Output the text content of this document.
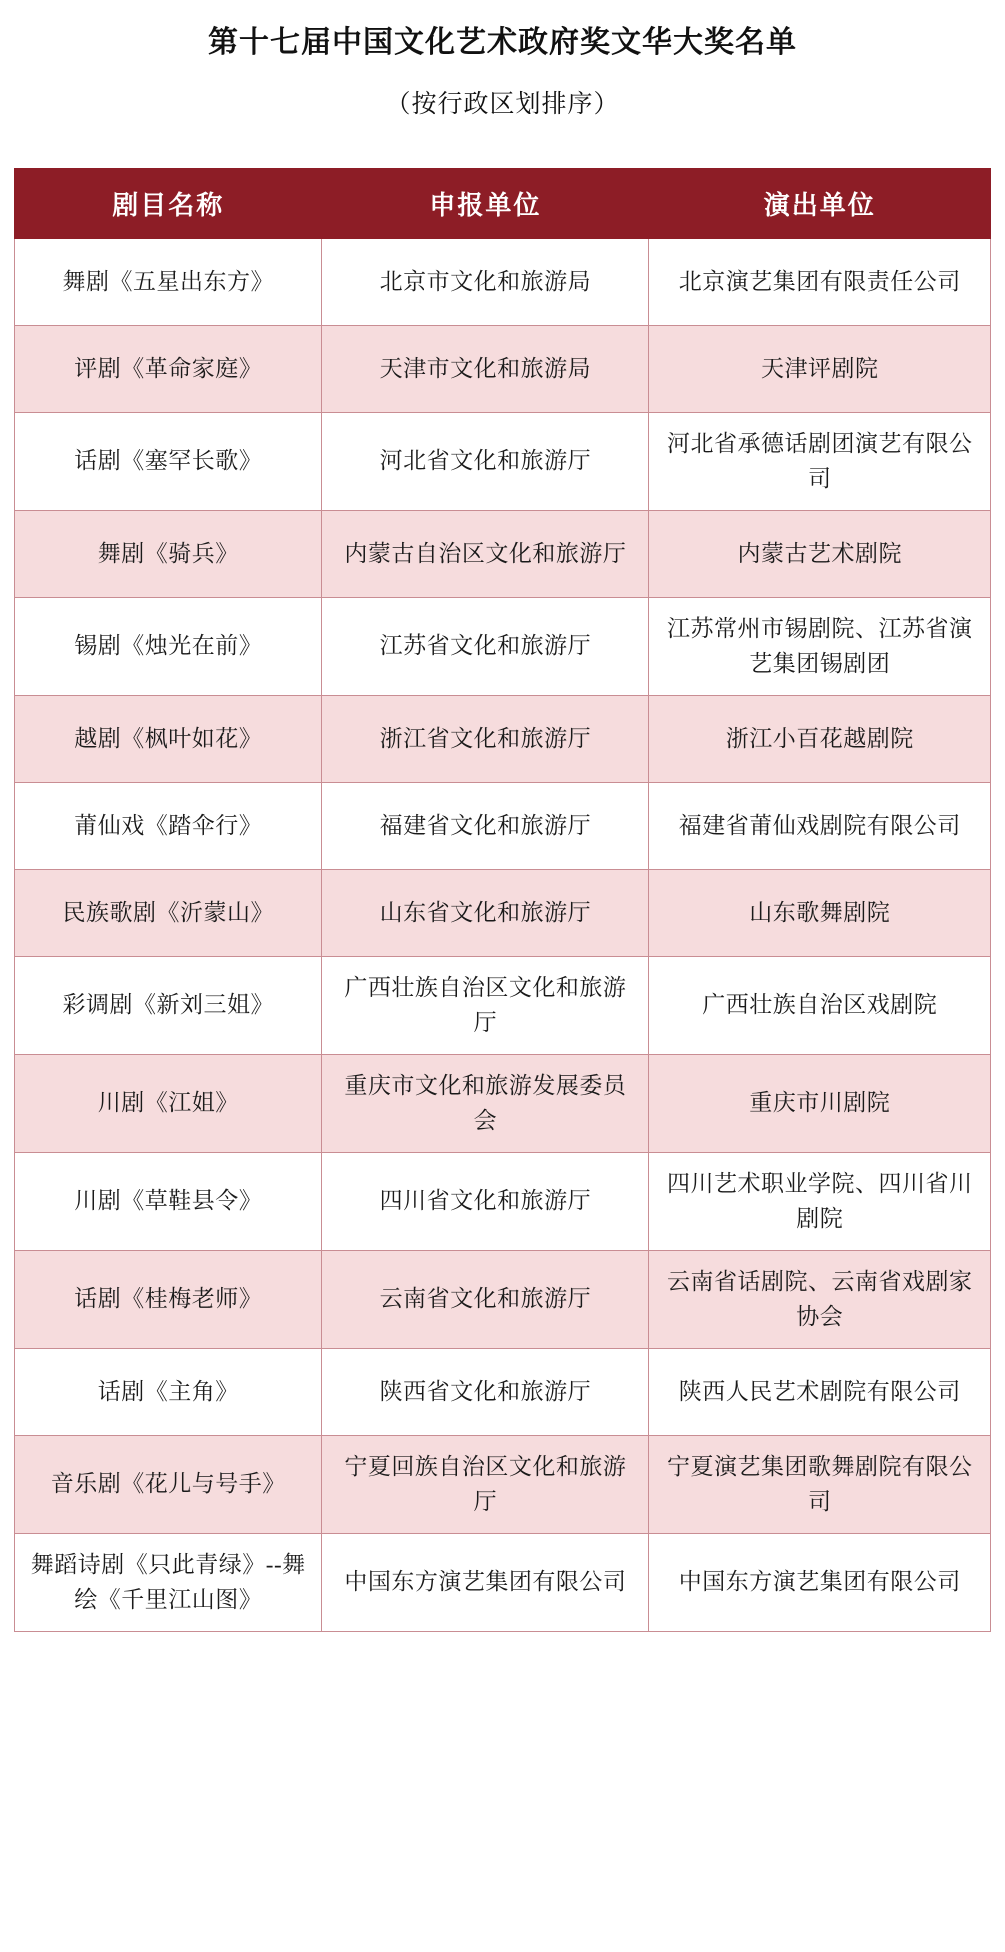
第十七届中国文化艺术政府奖文华大奖名单
（按行政区划排序）
剧目名称	申报单位	演出单位

舞剧《五星出东方》	北京市文化和旅游局	北京演艺集团有限责任公司

评剧《革命家庭》	天津市文化和旅游局	天津评剧院

话剧《塞罕长歌》	河北省文化和旅游厅	河北省承德话剧团演艺有限公司

舞剧《骑兵》	内蒙古自治区文化和旅游厅	内蒙古艺术剧院

锡剧《烛光在前》	江苏省文化和旅游厅	江苏常州市锡剧院、江苏省演艺集团锡剧团

越剧《枫叶如花》	浙江省文化和旅游厅	浙江小百花越剧院

莆仙戏《踏伞行》	福建省文化和旅游厅	福建省莆仙戏剧院有限公司

民族歌剧《沂蒙山》	山东省文化和旅游厅	山东歌舞剧院

彩调剧《新刘三姐》	广西壮族自治区文化和旅游厅	广西壮族自治区戏剧院

川剧《江姐》	重庆市文化和旅游发展委员会	重庆市川剧院

川剧《草鞋县令》	四川省文化和旅游厅	四川艺术职业学院、四川省川剧院

话剧《桂梅老师》	云南省文化和旅游厅	云南省话剧院、云南省戏剧家协会

话剧《主角》	陕西省文化和旅游厅	陕西人民艺术剧院有限公司

音乐剧《花儿与号手》	宁夏回族自治区文化和旅游厅	宁夏演艺集团歌舞剧院有限公司

舞蹈诗剧《只此青绿》--舞绘《千里江山图》	中国东方演艺集团有限公司	中国东方演艺集团有限公司
